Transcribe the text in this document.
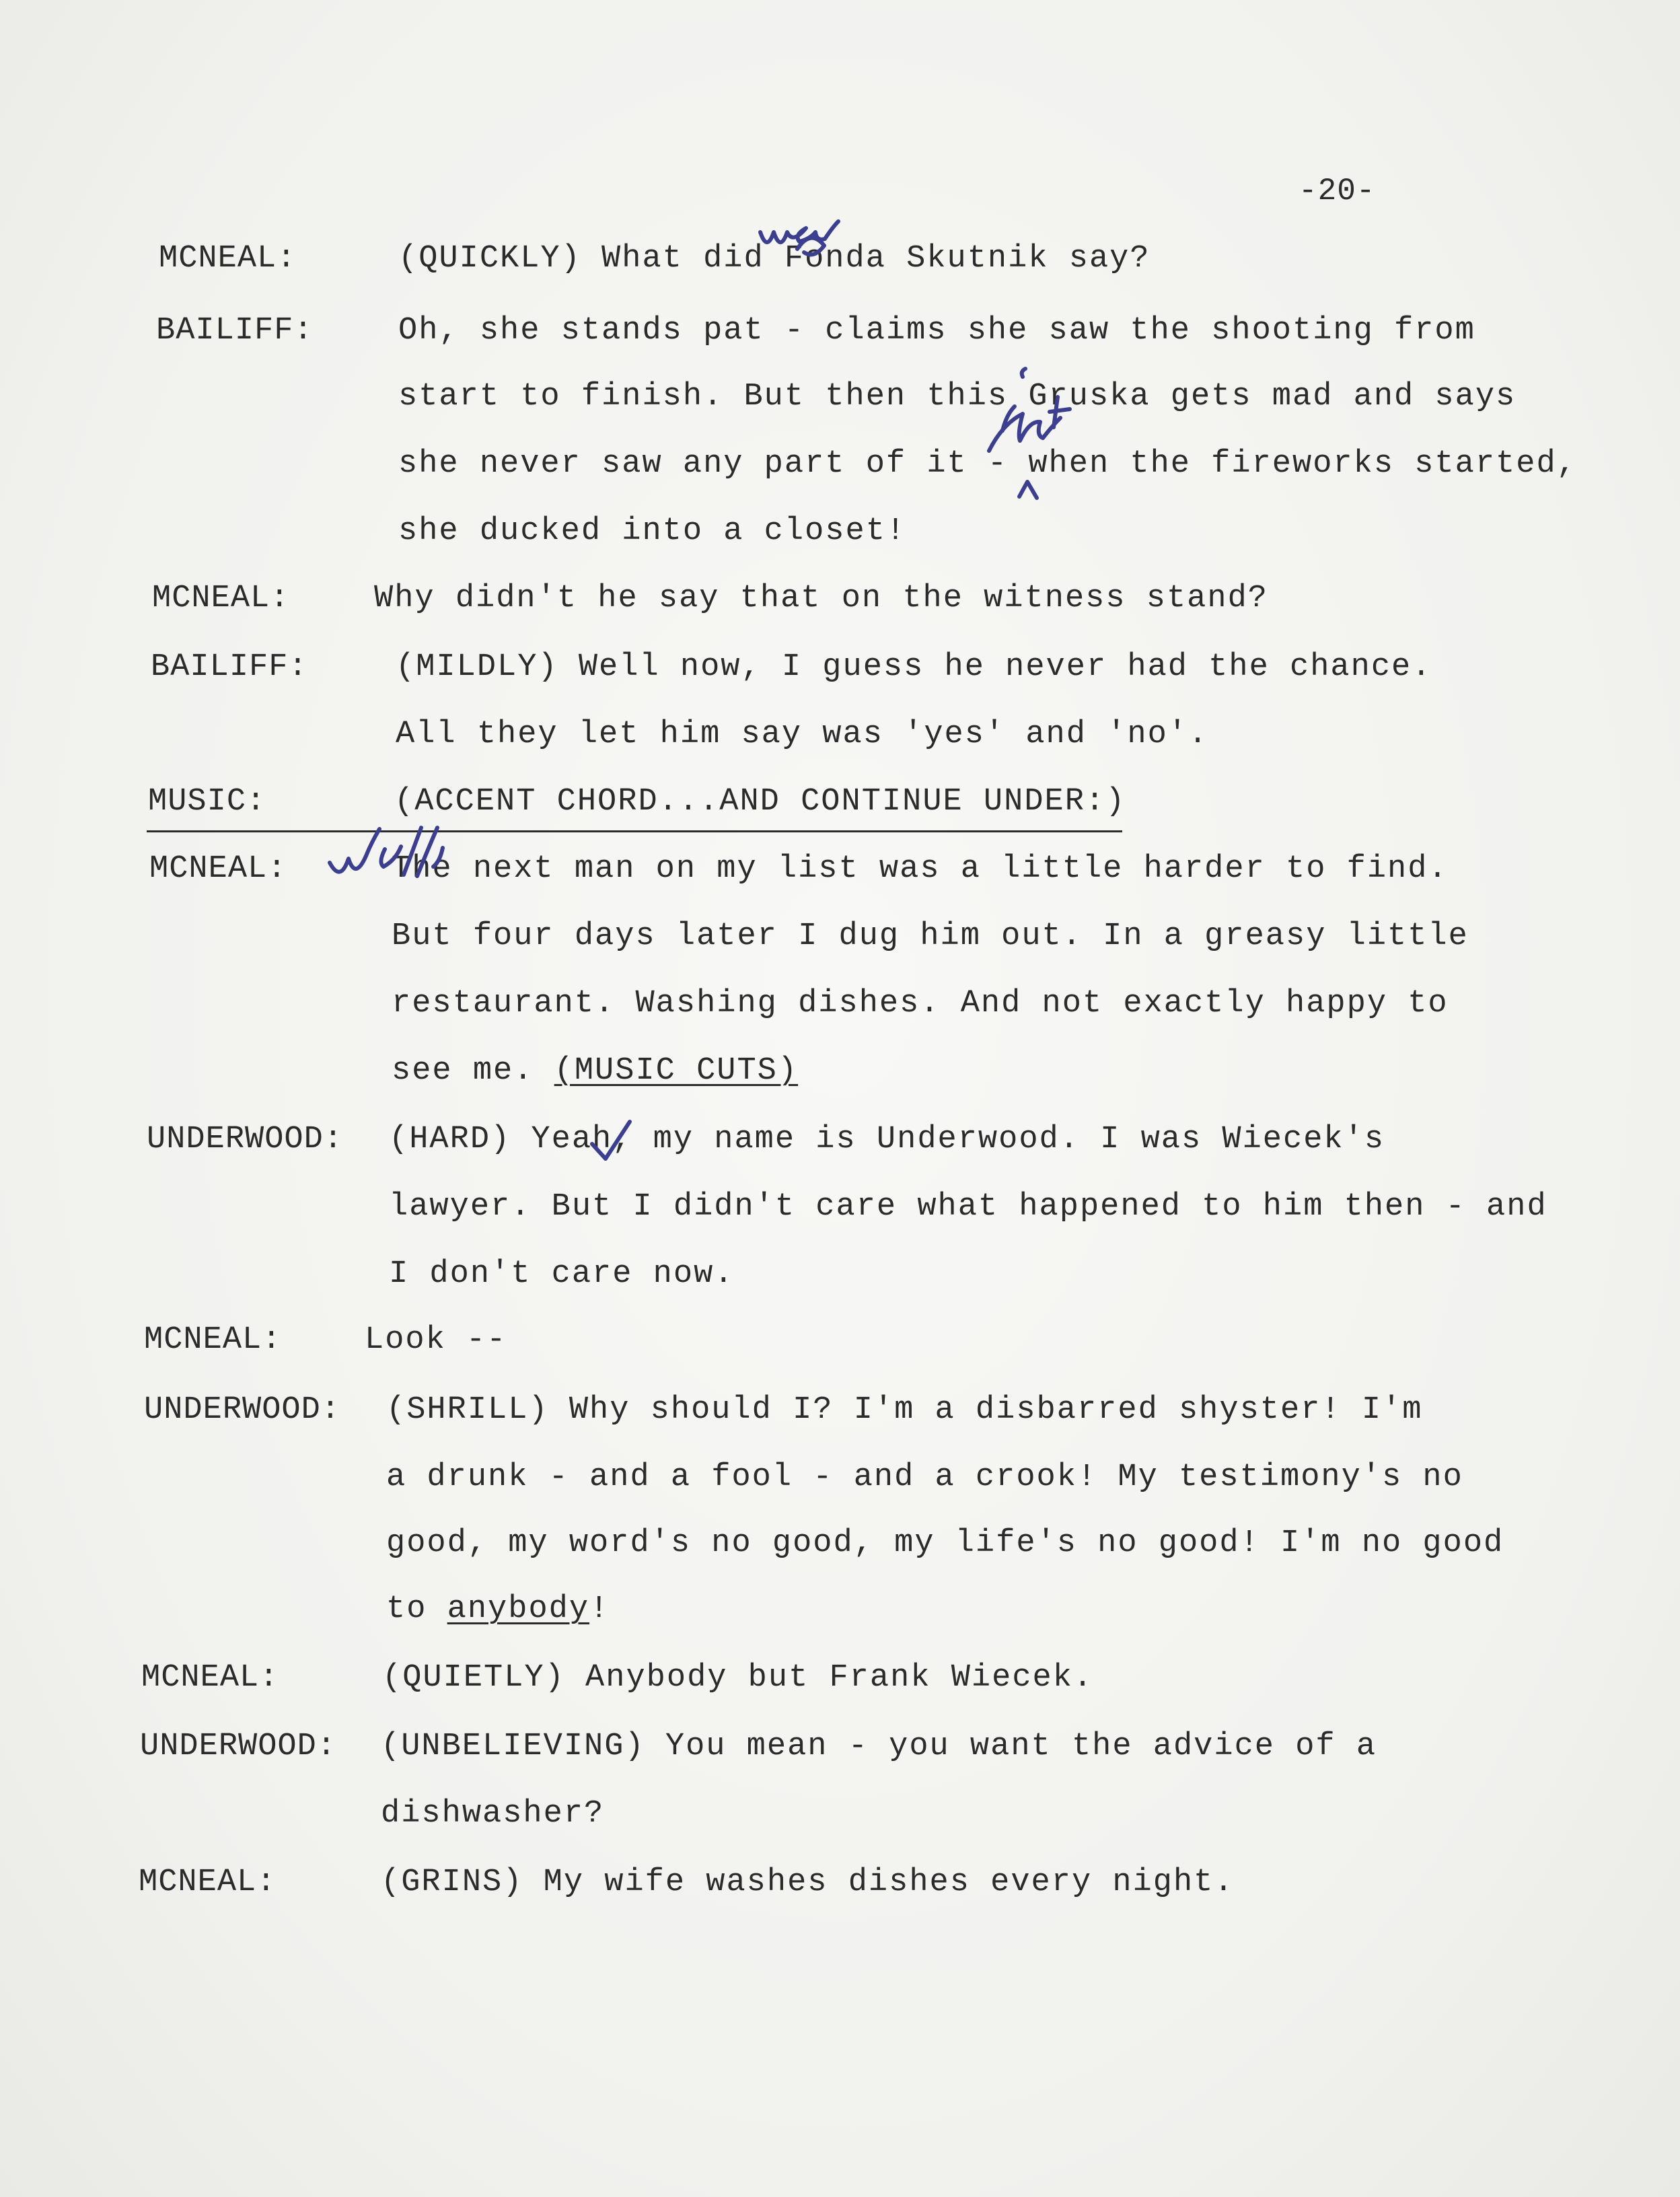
-20-
MCNEAL:	(QUICKLY) What did Fonda Skutnik say?
BAILIFF:	Oh, she stands pat - claims she saw the shooting from
start to finish. But then this Gruska gets mad and says
she never saw any part of it - when the fireworks started,
she ducked into a closet!
MCNEAL:	Why didn't he say that on the witness stand?
BAILIFF:	(MILDLY) Well now, I guess he never had the chance.
All they let him say was 'yes' and 'no'.
MUSIC:	(ACCENT CHORD...AND CONTINUE UNDER:)
MCNEAL:	The next man on my list was a little harder to find.
But four days later I dug him out. In a greasy little
restaurant. Washing dishes. And not exactly happy to
see me. (MUSIC CUTS)
UNDERWOOD: (HARD) Yeah, my name is Underwood. I was Wiecek's
lawyer. But I didn't care what happened to him then - and
I don't care now.
MCNEAL:	Look --
UNDERWOOD: (SHRILL) Why should I? I'm a disbarred shyster! I'm
a drunk - and a fool - and a crook! My testimony's no
good, my word's no good, my life's no good! I'm no good
to anybody!
MCNEAL:	(QUIETLY) Anybody but Frank Wiecek.
UNDERWOOD: (UNBELIEVING) You mean - you want the advice of a
dishwasher?
MCNEAL:	(GRINS) My wife washes dishes every night.
